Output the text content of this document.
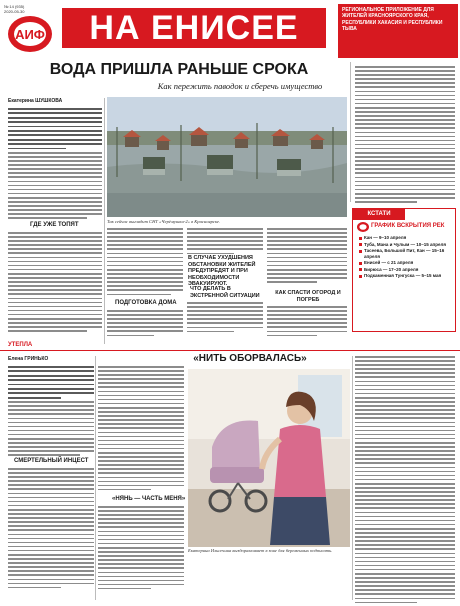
№ 14 (935)
2020-05-30
АИФ	НА ЕНИСЕЕ	РЕГИОНАЛЬНОЕ ПРИЛОЖЕНИЕ ДЛЯ ЖИТЕЛЕЙ КРАСНОЯРСКОГО КРАЯ, РЕСПУБЛИКИ ХАКАСИЯ И РЕСПУБЛИКИ ТЫВА
ВОДА ПРИШЛА РАНЬШЕ СРОКА
Как пережить паводок и сберечь имущество
Екатерина ШУШКОВА
ГДЕ УЖЕ ТОПЯТ
Так сейчас выглядит СНТ «Черёмушки-2» в Красноярске.
ПОДГОТОВКА ДОМА
В СЛУЧАЕ УХУДШЕНИЯ ОБСТАНОВКИ ЖИТЕЛЕЙ ПРЕДУПРЕДЯТ И ПРИ НЕОБХОДИМОСТИ ЭВАКУИРУЮТ.
ЧТО ДЕЛАТЬ В ЭКСТРЕННОЙ СИТУАЦИИ	КАК СПАСТИ ОГОРОД И ПОГРЕБ
КСТАТИ
ГРАФИК ВСКРЫТИЯ РЕК
Кан — 9–10 апреля
Туба, Мана и Чулым — 10–15 апреля
Тасеева, Большой Пит, Кан — 15–16 апреля
Енисей — с 21 апреля
Бирюса — 17–20 апреля
Подкаменная Тунгуска — 5–15 мая
УТЕПЛА
«НИТЬ ОБОРВАЛАСЬ»
Елена ГРИНЬКО
СМЕРТЕЛЬНЫЙ ИНЦЕСТ
«НЯНЬ — ЧАСТЬ МЕНЯ»
Екатерина Ильсечина выздоравливает в зоне для беременных подписать.
